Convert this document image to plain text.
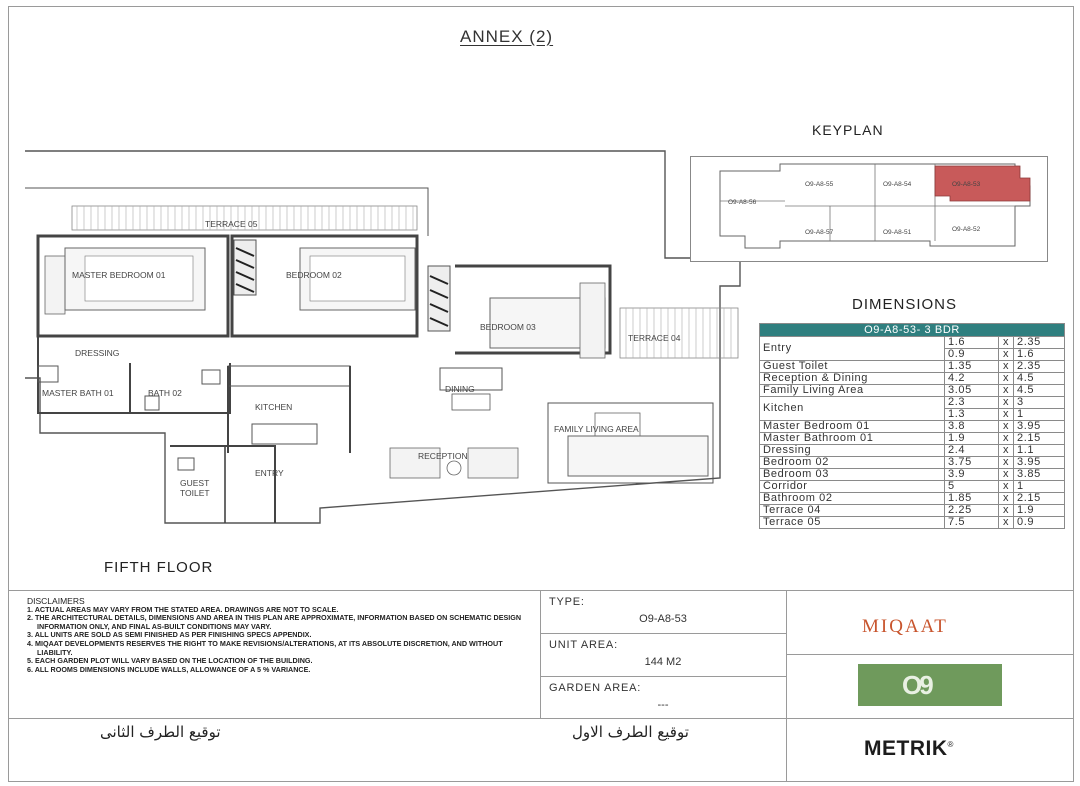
ANNEX (2)
KEYPLAN
DIMENSIONS
TERRACE 05
MASTER BEDROOM 01	BEDROOM 02
BEDROOM 03
TERRACE 04
DRESSING
MASTER BATH 01	BATH 02
KITCHEN
DINING
FAMILY LIVING AREA
RECEPTION
ENTRY
GUEST
TOILET
FIFTH FLOOR
O9-A8-55	O9-A8-54	O9-A8-53
O9-A8-56
O9-A8-57	O9-A8-51	O9-A8-52
O9-A8-53- 3 BDR			
Entry	1.6	x	2.35
	0.9	x	1.6
Guest Toilet	1.35	x	2.35
Reception & Dining	4.2	x	4.5
Family Living Area	3.05	x	4.5
Kitchen	2.3	x	3
	1.3	x	1
Master Bedroom 01	3.8	x	3.95
Master Bathroom 01	1.9	x	2.15
Dressing	2.4	x	1.1
Bedroom 02	3.75	x	3.95
Bedroom 03	3.9	x	3.85
Corridor	5	x	1
Bathroom 02	1.85	x	2.15
Terrace 04	2.25	x	1.9
Terrace 05	7.5	x	0.9
DISCLAIMERS
1. ACTUAL AREAS MAY VARY FROM THE STATED AREA. DRAWINGS ARE NOT TO SCALE.
2. THE ARCHITECTURAL DETAILS, DIMENSIONS AND AREA IN THIS PLAN ARE APPROXIMATE, INFORMATION BASED ON SCHEMATIC DESIGN INFORMATION ONLY, AND FINAL AS-BUILT CONDITIONS MAY VARY.
3. ALL UNITS ARE SOLD AS SEMI FINISHED AS PER FINISHING SPECS APPENDIX.
4. MIQAAT DEVELOPMENTS RESERVES THE RIGHT TO MAKE REVISIONS/ALTERATIONS, AT ITS ABSOLUTE DISCRETION, AND WITHOUT LIABILITY.
5. EACH GARDEN PLOT WILL VARY BASED ON THE LOCATION OF THE BUILDING.
6. ALL ROOMS DIMENSIONS INCLUDE WALLS, ALLOWANCE OF A 5 % VARIANCE.
TYPE:
O9-A8-53
UNIT AREA:
144 M2
GARDEN AREA:
---
توقيع الطرف الثانى	توقيع الطرف الاول
MIQAAT
O9
METRIK®
